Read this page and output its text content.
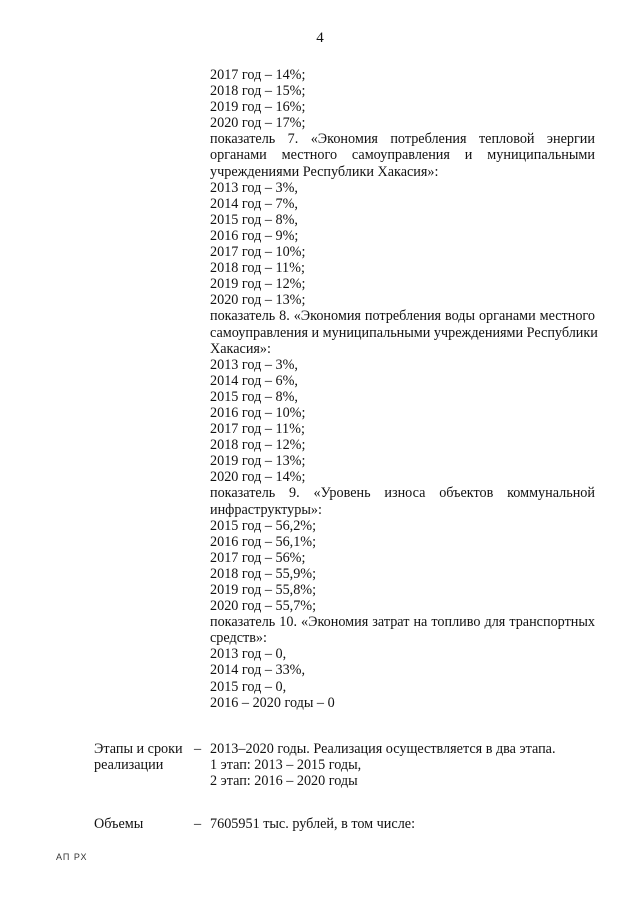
4
2017 год – 14%;
2018 год – 15%;
2019 год – 16%;
2020 год – 17%;
показатель 7. «Экономия потребления тепловой энергии
органами местного самоуправления и муниципальными
учреждениями Республики Хакасия»:
2013 год – 3%,
2014 год – 7%,
2015 год – 8%,
2016 год – 9%;
2017 год – 10%;
2018 год – 11%;
2019 год – 12%;
2020 год – 13%;
показатель 8. «Экономия потребления воды органами местного
самоуправления и муниципальными учреждениями Республики
Хакасия»:
2013 год – 3%,
2014 год – 6%,
2015 год – 8%,
2016 год – 10%;
2017 год – 11%;
2018 год – 12%;
2019 год – 13%;
2020 год – 14%;
показатель 9. «Уровень износа объектов коммунальной
инфраструктуры»:
2015 год – 56,2%;
2016 год – 56,1%;
2017 год – 56%;
2018 год – 55,9%;
2019 год – 55,8%;
2020 год – 55,7%;
показатель 10. «Экономия затрат на топливо для транспортных
средств»:
2013 год – 0,
2014 год – 33%,
2015 год – 0,
2016 – 2020 годы – 0
Этапы и сроки
реализации
– 2013–2020 годы. Реализация осуществляется в два этапа.
1 этап: 2013 – 2015 годы,
2 этап: 2016 – 2020 годы
Объемы	– 7605951 тыс. рублей, в том числе:
АП РХ
